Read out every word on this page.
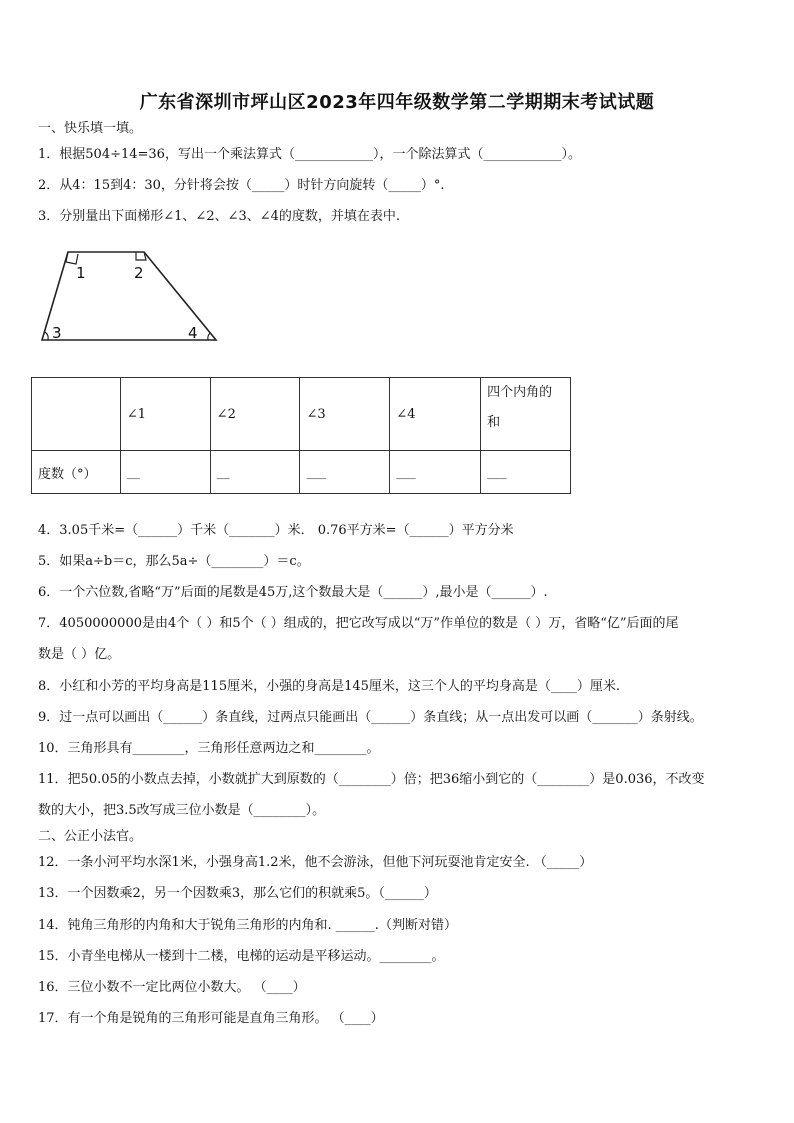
广东省深圳市坪山区2023年四年级数学第二学期期末考试试题
一、快乐填一填。
1．根据504÷14=36，写出一个乘法算式（____________），一个除法算式（____________）。
2．从4：15到4：30，分针将会按（_____）时针方向旋转（_____）°.
3．分别量出下面梯形∠1、∠2、∠3、∠4的度数，并填在表中.
1	2
3	4
	∠1	∠2	∠3	∠4	四个内角的和
度数（°）	__	__	___	___	___
4．3.05千米=（______）千米（_______）米． 0.76平方米=（______）平方分米
5．如果a÷b＝c，那么5a÷（________）＝c。
6．一个六位数,省略“万”后面的尾数是45万,这个数最大是（______）,最小是（______）.
7．4050000000是由4个（ ）和5个（ ）组成的，把它改写成以“万”作单位的数是（ ）万，省略“亿”后面的尾
数是（ ）亿。
8．小红和小芳的平均身高是115厘米，小强的身高是145厘米，这三个人的平均身高是（____）厘米.
9．过一点可以画出（______）条直线，过两点只能画出（______）条直线；从一点出发可以画（_______）条射线。
10．三角形具有________，三角形任意两边之和________。
11．把50.05的小数点去掉，小数就扩大到原数的（________）倍；把36缩小到它的（________）是0.036，不改变
数的大小，把3.5改写成三位小数是（________）。
二、公正小法官。
12．一条小河平均水深1米，小强身高1.2米，他不会游泳，但他下河玩耍池肯定安全. （_____）
13．一个因数乘2，另一个因数乘3，那么它们的积就乘5。（______）
14．钝角三角形的内角和大于锐角三角形的内角和. ______.（判断对错）
15．小青坐电梯从一楼到十二楼，电梯的运动是平移运动。________。
16．三位小数不一定比两位小数大。 （____）
17．有一个角是锐角的三角形可能是直角三角形。 （____）
